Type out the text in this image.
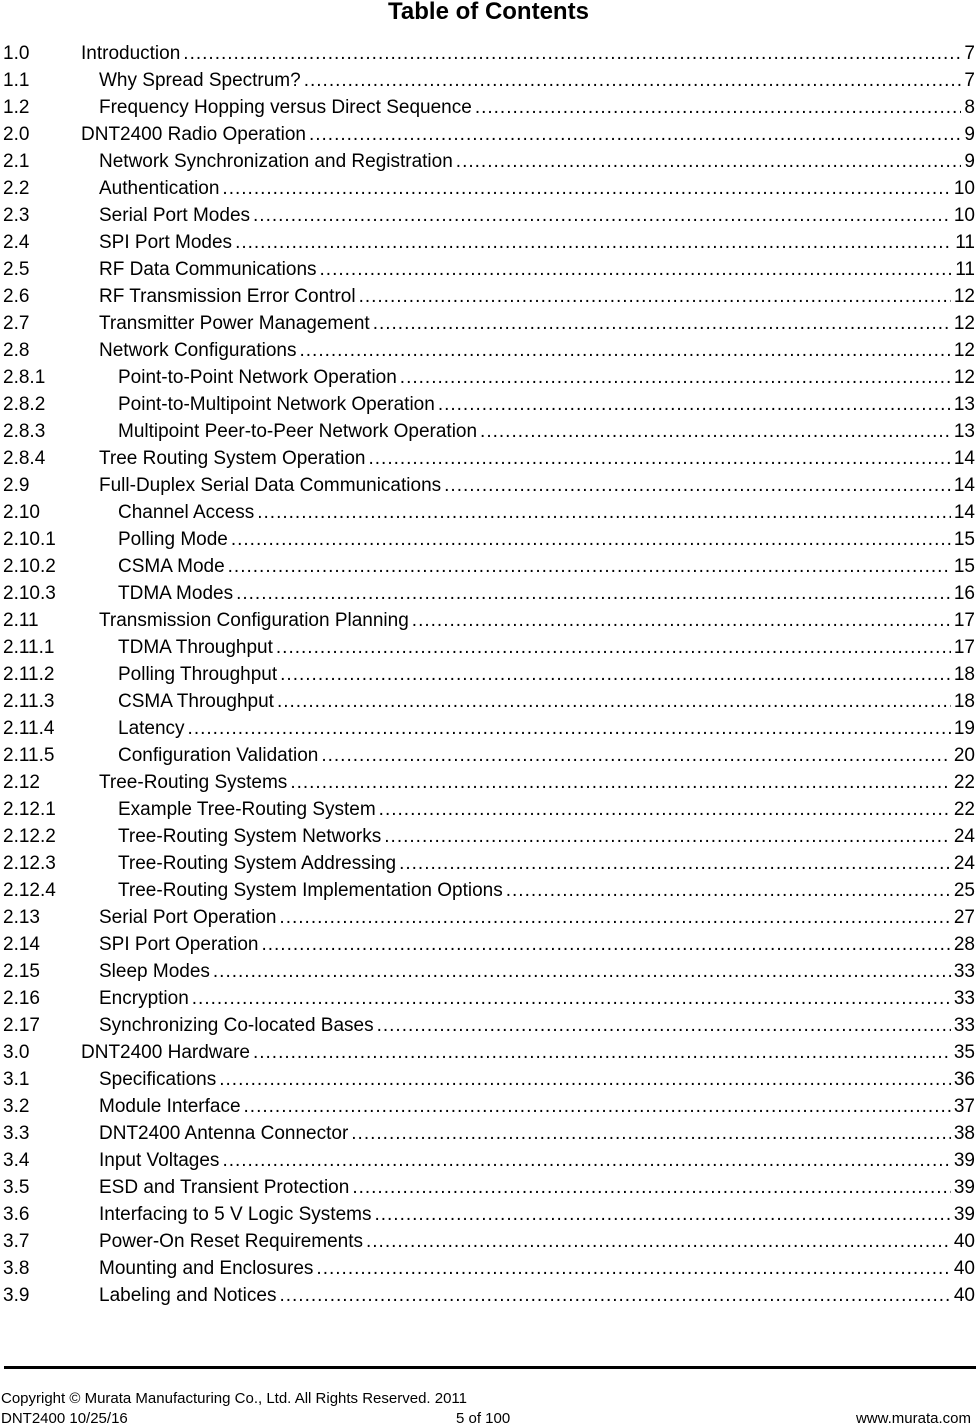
Table of Contents
1.0	Introduction .....	7
1.1	Why Spread Spectrum? .....	7
1.2	Frequency Hopping versus Direct Sequence .....	8
2.0	DNT2400 Radio Operation .....	9
2.1	Network Synchronization and Registration .....	9
2.2	Authentication .....	10
2.3	Serial Port Modes .....	10
2.4	SPI Port Modes .....	11
2.5	RF Data Communications .....	11
2.6	RF Transmission Error Control .....	12
2.7	Transmitter Power Management .....	12
2.8	Network Configurations .....	12
2.8.1	Point-to-Point Network Operation .....	12
2.8.2	Point-to-Multipoint Network Operation .....	13
2.8.3	Multipoint Peer-to-Peer Network Operation .....	13
2.8.4	Tree Routing System Operation .....	14
2.9	Full-Duplex Serial Data Communications .....	14
2.10	Channel Access .....	14
2.10.1	Polling Mode .....	15
2.10.2	CSMA Mode .....	15
2.10.3	TDMA Modes .....	16
2.11	Transmission Configuration Planning .....	17
2.11.1	TDMA Throughput .....	17
2.11.2	Polling Throughput .....	18
2.11.3	CSMA Throughput .....	18
2.11.4	Latency .....	19
2.11.5	Configuration Validation .....	20
2.12	Tree-Routing Systems .....	22
2.12.1	Example Tree-Routing System .....	22
2.12.2	Tree-Routing System Networks .....	24
2.12.3	Tree-Routing System Addressing .....	24
2.12.4	Tree-Routing System Implementation Options .....	25
2.13	Serial Port Operation .....	27
2.14	SPI Port Operation .....	28
2.15	Sleep Modes .....	33
2.16	Encryption .....	33
2.17	Synchronizing Co-located Bases .....	33
3.0	DNT2400 Hardware .....	35
3.1	Specifications .....	36
3.2	Module Interface .....	37
3.3	DNT2400 Antenna Connector .....	38
3.4	Input Voltages .....	39
3.5	ESD and Transient Protection .....	39
3.6	Interfacing to 5 V Logic Systems .....	39
3.7	Power-On Reset Requirements .....	40
3.8	Mounting and Enclosures .....	40
3.9	Labeling and Notices .....	40
Copyright © Murata Manufacturing Co., Ltd. All Rights Reserved. 2011
DNT2400 10/25/16	5 of 100	www.murata.com
